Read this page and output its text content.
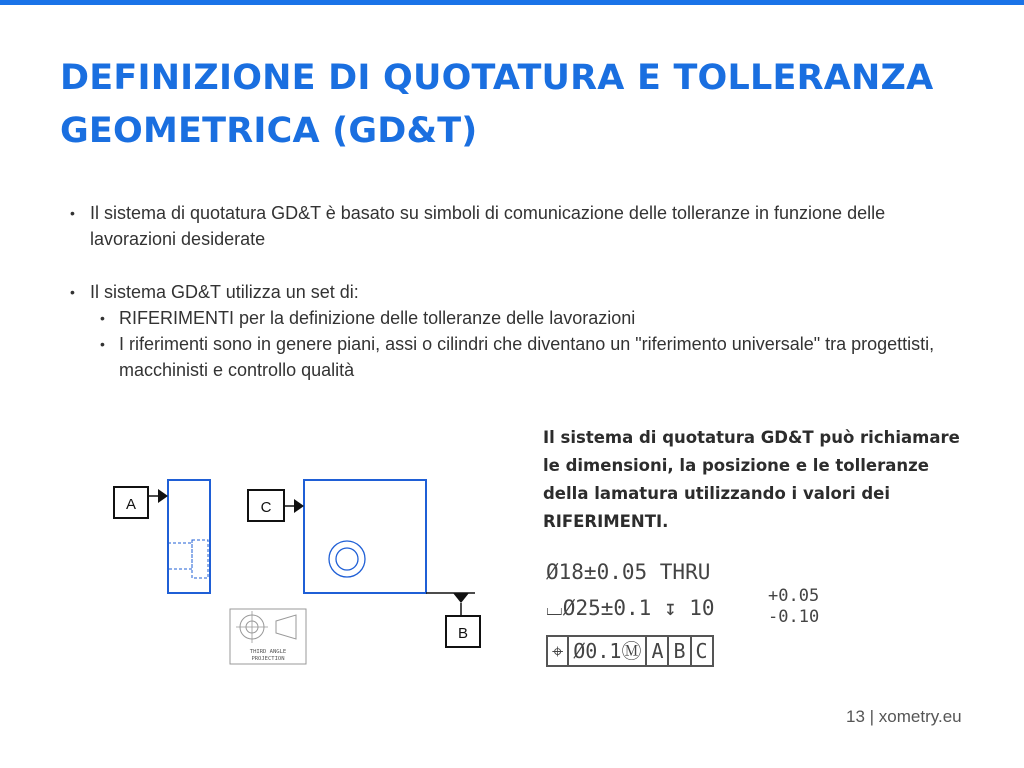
DEFINIZIONE DI QUOTATURA E TOLLERANZA GEOMETRICA (GD&T)
• Il sistema di quotatura GD&T è basato su simboli di comunicazione delle tolleranze in funzione delle lavorazioni desiderate
• Il sistema GD&T utilizza un set di:
• RIFERIMENTI per la definizione delle tolleranze delle lavorazioni
• I riferimenti sono in genere piani, assi o cilindri che diventano un "riferimento universale" tra progettisti, macchinisti e controllo qualità
A	C
B
THIRD ANGLE
PROJECTION
Il sistema di quotatura GD&T può richiamare le dimensioni, la posizione e le tolleranze della lamatura utilizzando i valori dei RIFERIMENTI.
Ø18±0.05 THRU
⌴Ø25±0.1 ↧ 10	+0.05
-0.10
⌖ Ø0.1 Ⓜ A B C
13 | xometry.eu
